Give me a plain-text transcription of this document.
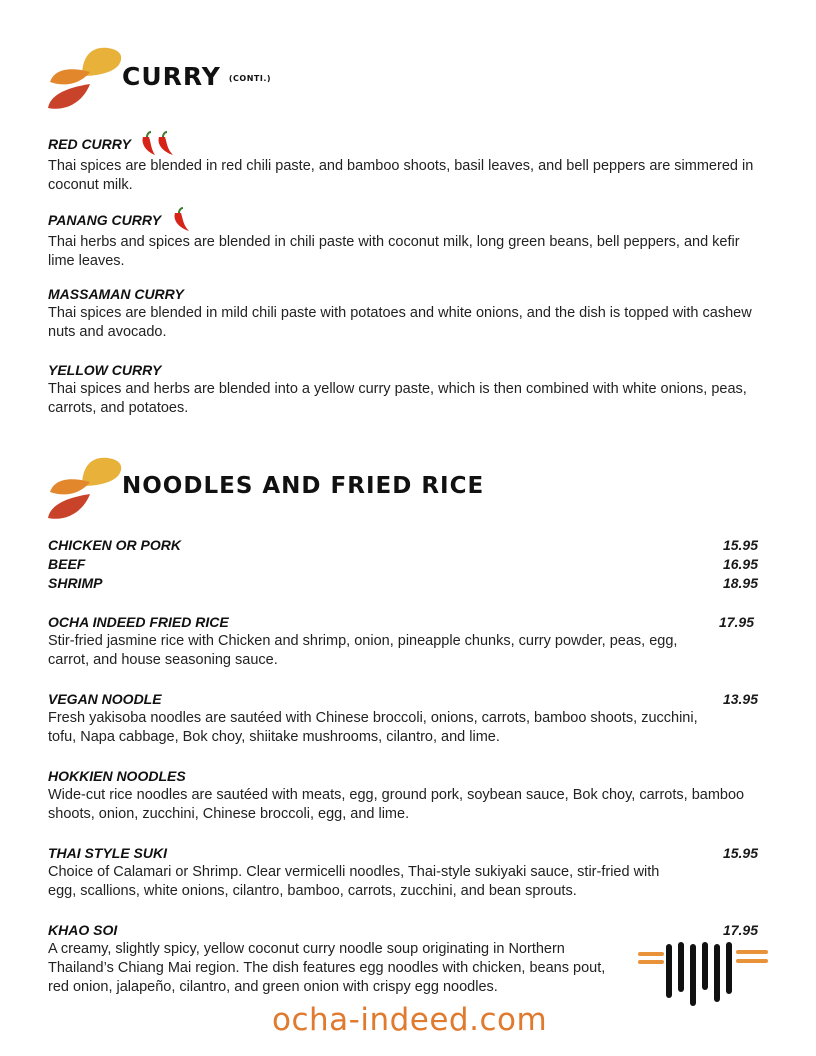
CURRY (CONTI.)
RED CURRY
Thai spices are blended in red chili paste, and bamboo shoots, basil leaves, and bell peppers are simmered in coconut milk.
PANANG CURRY
Thai herbs and spices are blended in chili paste with coconut milk, long green beans, bell peppers, and kefir lime leaves.
MASSAMAN CURRY
Thai spices are blended in mild chili paste with potatoes and white onions, and the dish is topped with cashew nuts and avocado.
YELLOW CURRY
Thai spices and herbs are blended into a yellow curry paste, which is then combined with white onions, peas, carrots, and potatoes.
NOODLES AND FRIED RICE
CHICKEN OR PORK	15.95
BEEF	16.95
SHRIMP	18.95
OCHA INDEED FRIED RICE	17.95
Stir-fried jasmine rice with Chicken and shrimp, onion, pineapple chunks, curry powder, peas, egg, carrot, and house seasoning sauce.
VEGAN NOODLE	13.95
Fresh yakisoba noodles are sautéed with Chinese broccoli, onions, carrots, bamboo shoots, zucchini, tofu, Napa cabbage, Bok choy, shiitake mushrooms, cilantro, and lime.
HOKKIEN NOODLES
Wide-cut rice noodles are sautéed with meats, egg, ground pork, soybean sauce, Bok choy, carrots, bamboo shoots, onion, zucchini, Chinese broccoli, egg, and lime.
THAI STYLE SUKI	15.95
Choice of Calamari or Shrimp. Clear vermicelli noodles, Thai-style sukiyaki sauce, stir-fried with egg, scallions, white onions, cilantro, bamboo, carrots, zucchini, and bean sprouts.
KHAO SOI	17.95
A creamy, slightly spicy, yellow coconut curry noodle soup originating in Northern Thailand’s Chiang Mai region. The dish features egg noodles with chicken, beans pout, red onion, jalapeño, cilantro, and green onion with crispy egg noodles.
ocha-indeed.com
